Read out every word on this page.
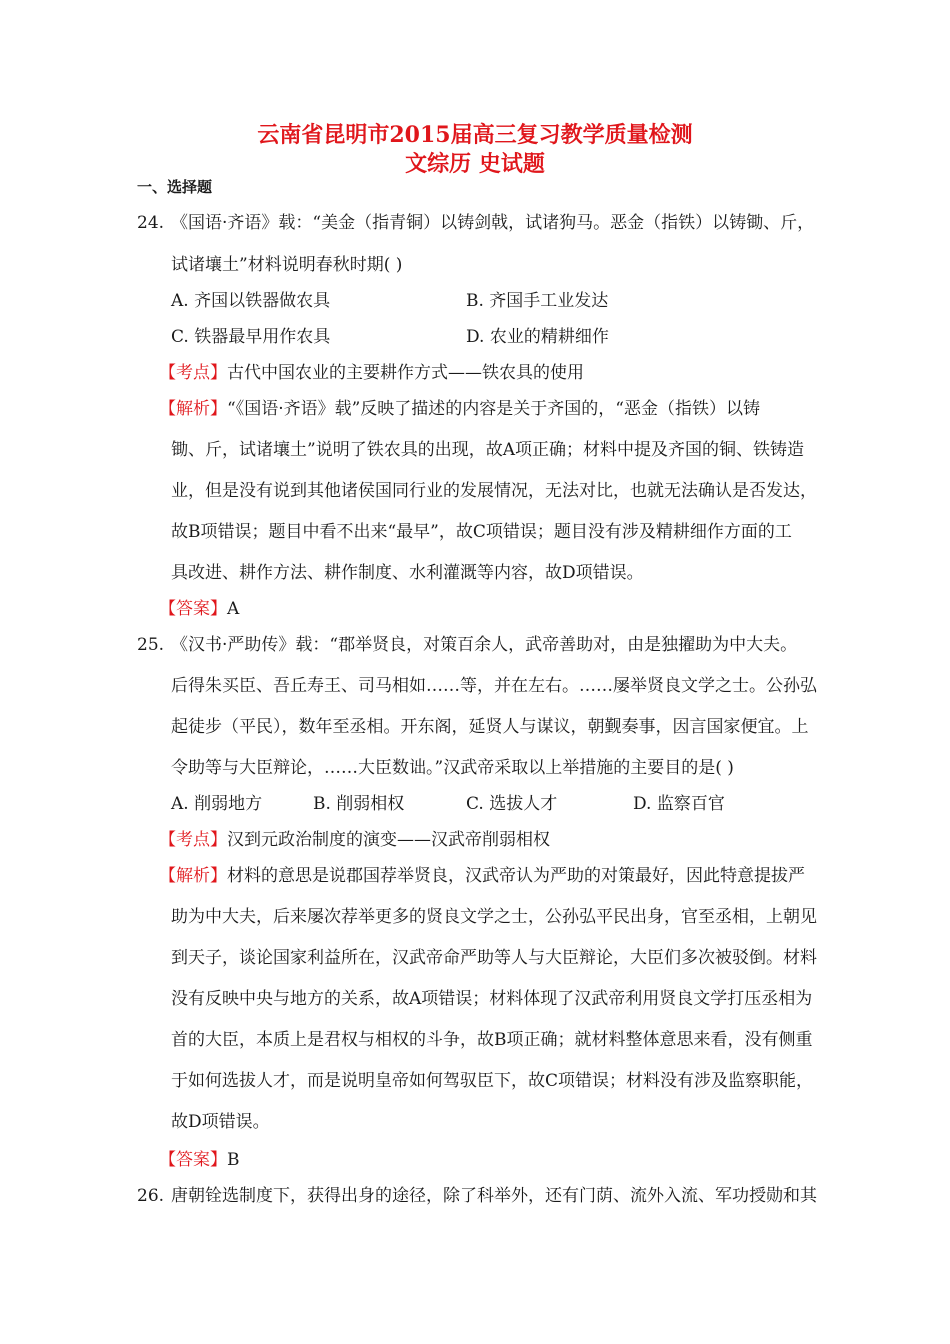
云南省昆明市2015届高三复习教学质量检测
文综历 史试题
一、选择题
24. 《国语·齐语》载：“美金（指青铜）以铸剑戟，试诸狗马。恶金（指铁）以铸锄、斤，
试诸壤土”材料说明春秋时期( )
A. 齐国以铁器做农具	B. 齐国手工业发达
C. 铁器最早用作农具	D. 农业的精耕细作
【考点】古代中国农业的主要耕作方式——铁农具的使用
【解析】“《国语·齐语》载”反映了描述的内容是关于齐国的，“恶金（指铁）以铸
锄、斤，试诸壤土”说明了铁农具的出现，故A项正确；材料中提及齐国的铜、铁铸造
业，但是没有说到其他诸侯国同行业的发展情况，无法对比，也就无法确认是否发达，
故B项错误；题目中看不出来“最早”，故C项错误；题目没有涉及精耕细作方面的工
具改进、耕作方法、耕作制度、水利灌溉等内容，故D项错误。
【答案】A
25. 《汉书·严助传》载：“郡举贤良，对策百余人，武帝善助对，由是独擢助为中大夫。
后得朱买臣、吾丘寿王、司马相如……等，并在左右。……屡举贤良文学之士。公孙弘
起徒步（平民），数年至丞相。开东阁，延贤人与谋议，朝觐奏事，因言国家便宜。上
令助等与大臣辩论，……大臣数诎。”汉武帝采取以上举措施的主要目的是( )
A. 削弱地方	B. 削弱相权	C. 选拔人才	D. 监察百官
【考点】汉到元政治制度的演变——汉武帝削弱相权
【解析】材料的意思是说郡国荐举贤良，汉武帝认为严助的对策最好，因此特意提拔严
助为中大夫，后来屡次荐举更多的贤良文学之士，公孙弘平民出身，官至丞相，上朝见
到天子，谈论国家利益所在，汉武帝命严助等人与大臣辩论，大臣们多次被驳倒。材料
没有反映中央与地方的关系，故A项错误；材料体现了汉武帝利用贤良文学打压丞相为
首的大臣，本质上是君权与相权的斗争，故B项正确；就材料整体意思来看，没有侧重
于如何选拔人才，而是说明皇帝如何驾驭臣下，故C项错误；材料没有涉及监察职能，
故D项错误。
【答案】B
26. 唐朝铨选制度下，获得出身的途径，除了科举外，还有门荫、流外入流、军功授勋和其
